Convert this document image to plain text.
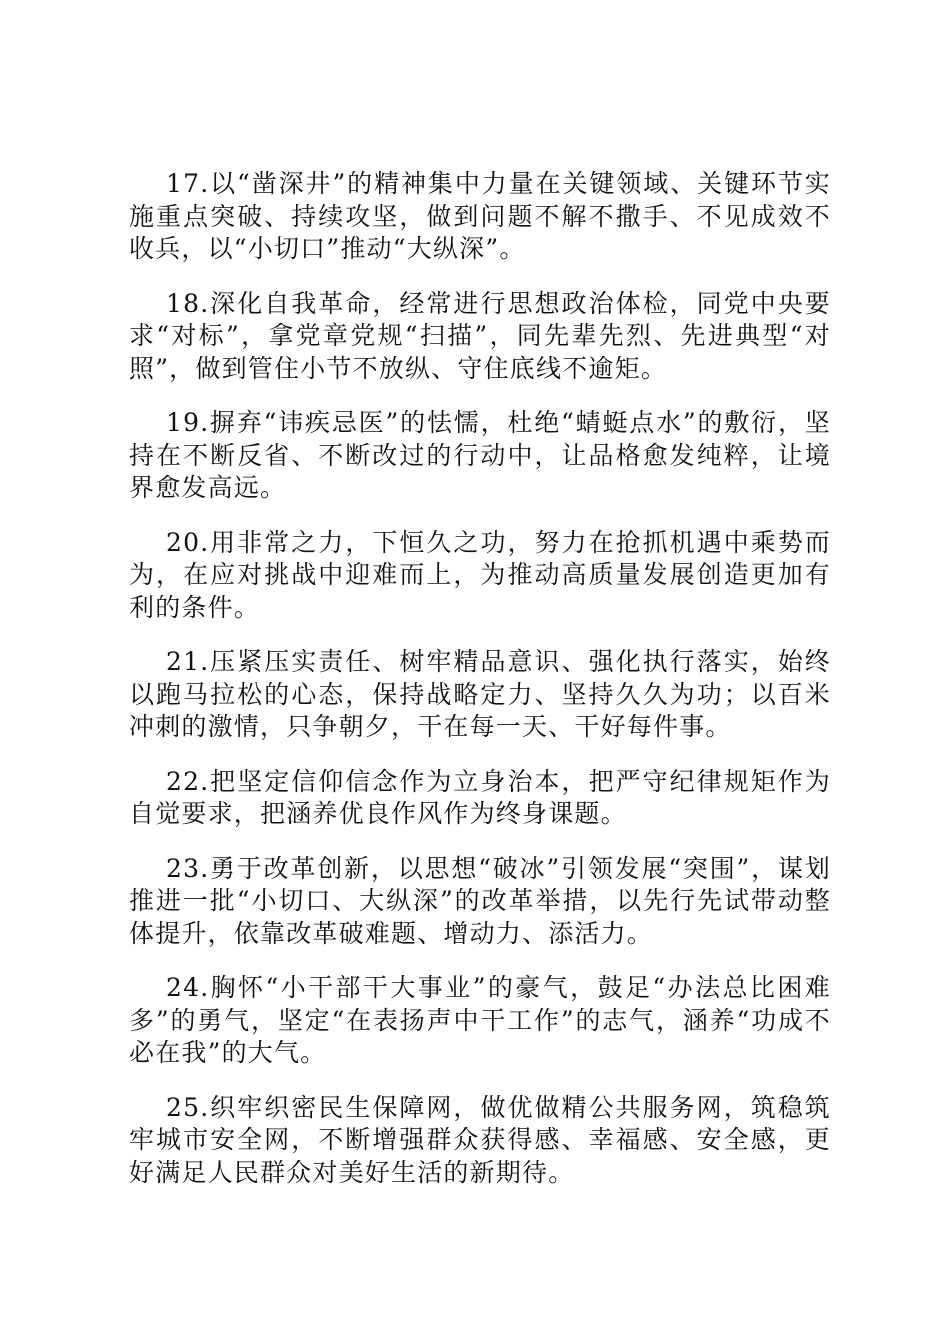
17.以“凿深井”的精神集中力量在关键领域、关键环节实施重点突破、持续攻坚，做到问题不解不撒手、不见成效不收兵，以“小切口”推动“大纵深”。

18.深化自我革命，经常进行思想政治体检，同党中央要求“对标”，拿党章党规“扫描”，同先辈先烈、先进典型“对照”，做到管住小节不放纵、守住底线不逾矩。

19.摒弃“讳疾忌医”的怯懦，杜绝“蜻蜓点水”的敷衍，坚持在不断反省、不断改过的行动中，让品格愈发纯粹，让境界愈发高远。

20.用非常之力，下恒久之功，努力在抢抓机遇中乘势而为，在应对挑战中迎难而上，为推动高质量发展创造更加有利的条件。

21.压紧压实责任、树牢精品意识、强化执行落实，始终以跑马拉松的心态，保持战略定力、坚持久久为功；以百米冲刺的激情，只争朝夕，干在每一天、干好每件事。

22.把坚定信仰信念作为立身治本，把严守纪律规矩作为自觉要求，把涵养优良作风作为终身课题。

23.勇于改革创新，以思想“破冰”引领发展“突围”，谋划推进一批“小切口、大纵深”的改革举措，以先行先试带动整体提升，依靠改革破难题、增动力、添活力。

24.胸怀“小干部干大事业”的豪气，鼓足“办法总比困难多”的勇气，坚定“在表扬声中干工作”的志气，涵养“功成不必在我”的大气。

25.织牢织密民生保障网，做优做精公共服务网，筑稳筑牢城市安全网，不断增强群众获得感、幸福感、安全感，更好满足人民群众对美好生活的新期待。
